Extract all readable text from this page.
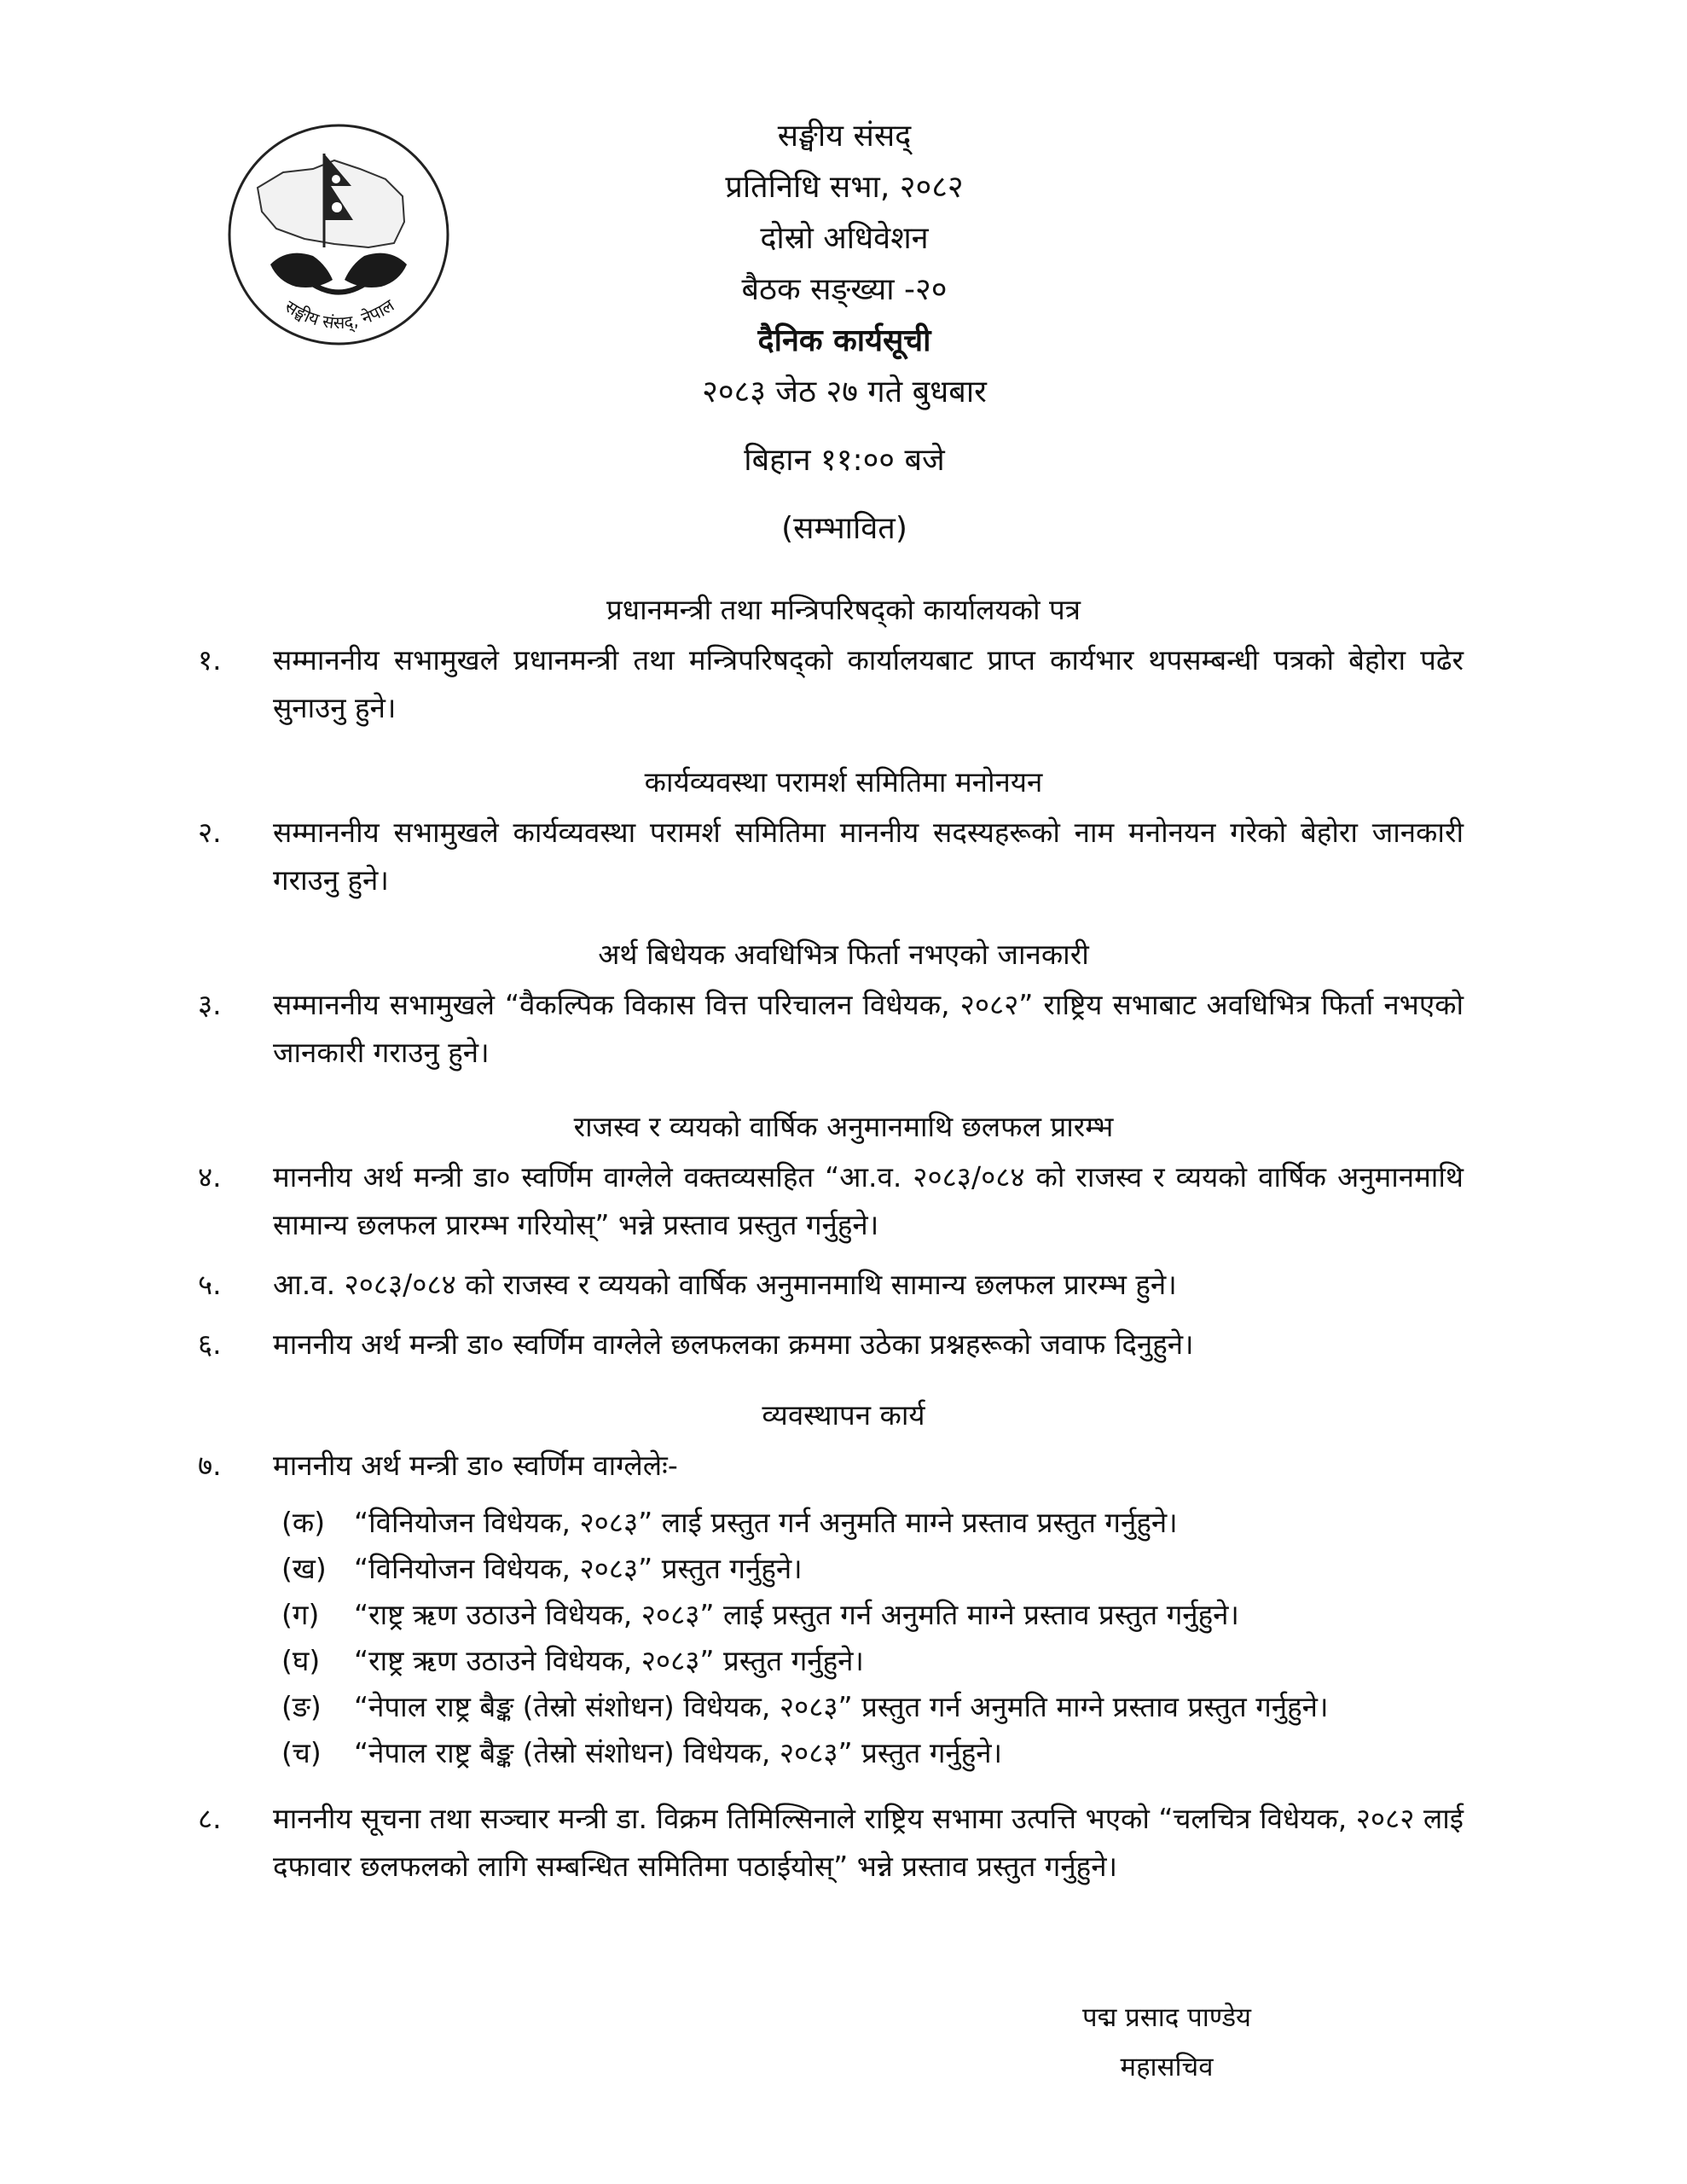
सङ्घीय संसद्, नेपाल
सङ्घीय संसद्
प्रतिनिधि सभा, २०८२
दोस्रो अधिवेशन
बैठक सङ्ख्या -२०
दैनिक कार्यसूची
२०८३ जेठ २७ गते बुधबार
बिहान ११:०० बजे
(सम्भावित)
प्रधानमन्त्री तथा मन्त्रिपरिषद्को कार्यालयको पत्र
१.	सम्माननीय सभामुखले प्रधानमन्त्री तथा मन्त्रिपरिषद्को कार्यालयबाट प्राप्त कार्यभार थपसम्बन्धी पत्रको बेहोरा पढेर सुनाउनु हुने।
कार्यव्यवस्था परामर्श समितिमा मनोनयन
२.	सम्माननीय सभामुखले कार्यव्यवस्था परामर्श समितिमा माननीय सदस्यहरूको नाम मनोनयन गरेको बेहोरा जानकारी गराउनु हुने।
अर्थ बिधेयक अवधिभित्र फिर्ता नभएको जानकारी
३.	सम्माननीय सभामुखले “वैकल्पिक विकास वित्त परिचालन विधेयक, २०८२” राष्ट्रिय सभाबाट अवधिभित्र फिर्ता नभएको जानकारी गराउनु हुने।
राजस्व र व्ययको वार्षिक अनुमानमाथि छलफल प्रारम्भ
४.	माननीय अर्थ मन्त्री डा० स्वर्णिम वाग्लेले वक्तव्यसहित “आ.व. २०८३/०८४ को राजस्व र व्ययको वार्षिक अनुमानमाथि सामान्य छलफल प्रारम्भ गरियोस्” भन्ने प्रस्ताव प्रस्तुत गर्नुहुने।
५.	आ.व. २०८३/०८४ को राजस्व र व्ययको वार्षिक अनुमानमाथि सामान्य छलफल प्रारम्भ हुने।
६.	माननीय अर्थ मन्त्री डा० स्वर्णिम वाग्लेले छलफलका क्रममा उठेका प्रश्नहरूको जवाफ दिनुहुने।
व्यवस्थापन कार्य
७.	माननीय अर्थ मन्त्री डा० स्वर्णिम वाग्लेलेः-
(क)	“विनियोजन विधेयक, २०८३” लाई प्रस्तुत गर्न अनुमति माग्ने प्रस्ताव प्रस्तुत गर्नुहुने।
(ख) “विनियोजन विधेयक, २०८३” प्रस्तुत गर्नुहुने।
(ग)	“राष्ट्र ऋण उठाउने विधेयक, २०८३” लाई प्रस्तुत गर्न अनुमति माग्ने प्रस्ताव प्रस्तुत गर्नुहुने।
(घ)	“राष्ट्र ऋण उठाउने विधेयक, २०८३” प्रस्तुत गर्नुहुने।
(ङ)	“नेपाल राष्ट्र बैङ्क (तेस्रो संशोधन) विधेयक, २०८३” प्रस्तुत गर्न अनुमति माग्ने प्रस्ताव प्रस्तुत गर्नुहुने।
(च)	“नेपाल राष्ट्र बैङ्क (तेस्रो संशोधन) विधेयक, २०८३” प्रस्तुत गर्नुहुने।
८.	माननीय सूचना तथा सञ्चार मन्त्री डा. विक्रम तिमिल्सिनाले राष्ट्रिय सभामा उत्पत्ति भएको “चलचित्र विधेयक, २०८२ लाई दफावार छलफलको लागि सम्बन्धित समितिमा पठाईयोस्” भन्ने प्रस्ताव प्रस्तुत गर्नुहुने।
पद्म प्रसाद पाण्डेय
महासचिव
